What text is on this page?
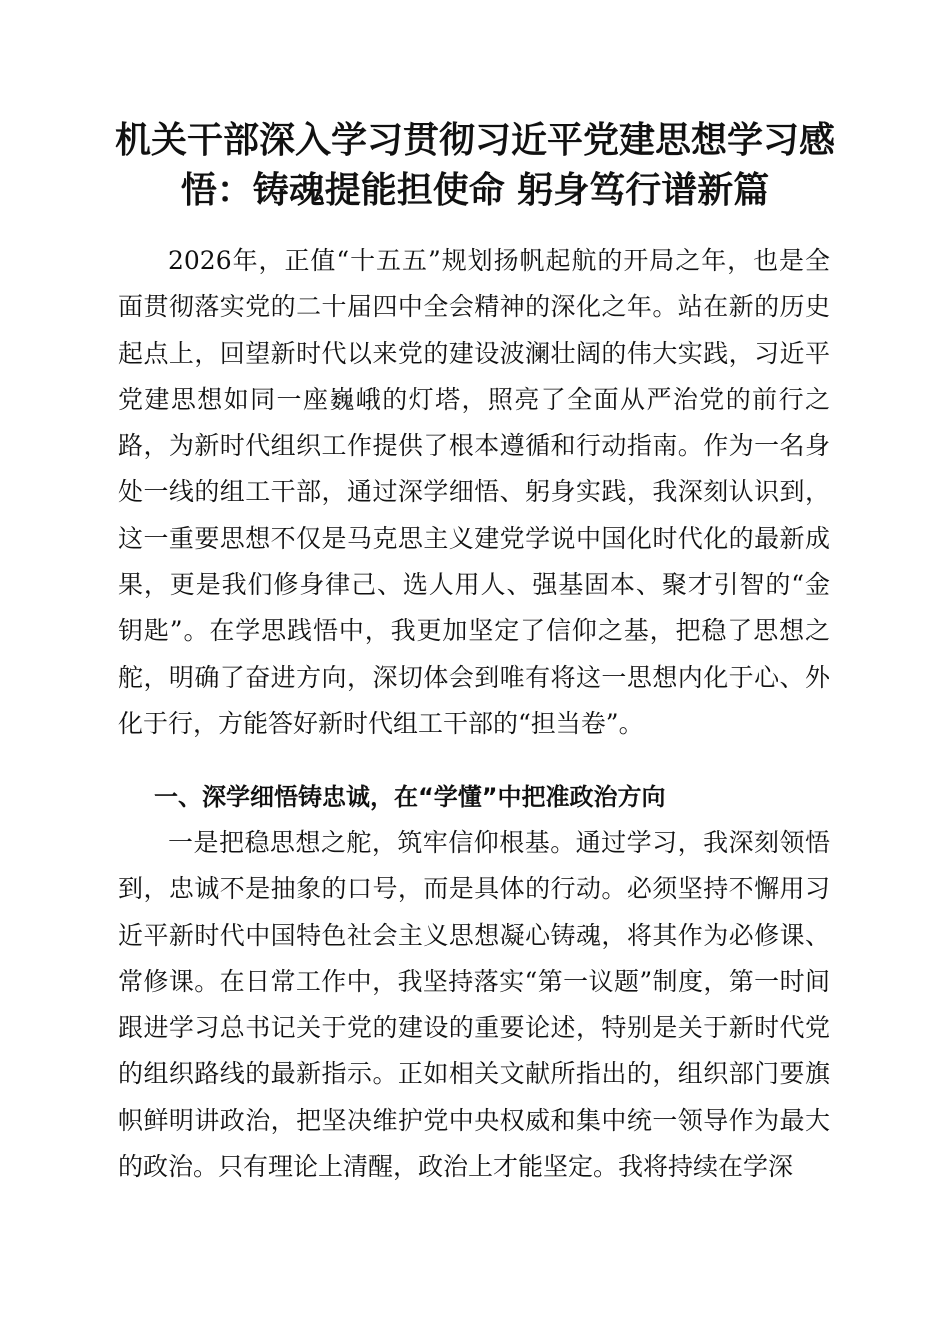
机关干部深入学习贯彻习近平党建思想学习感悟：铸魂提能担使命 躬身笃行谱新篇

2026年，正值“十五五”规划扬帆起航的开局之年，也是全面贯彻落实党的二十届四中全会精神的深化之年。站在新的历史起点上，回望新时代以来党的建设波澜壮阔的伟大实践，习近平党建思想如同一座巍峨的灯塔，照亮了全面从严治党的前行之路，为新时代组织工作提供了根本遵循和行动指南。作为一名身处一线的组工干部，通过深学细悟、躬身实践，我深刻认识到，这一重要思想不仅是马克思主义建党学说中国化时代化的最新成果，更是我们修身律己、选人用人、强基固本、聚才引智的“金钥匙”。在学思践悟中，我更加坚定了信仰之基，把稳了思想之舵，明确了奋进方向，深切体会到唯有将这一思想内化于心、外化于行，方能答好新时代组工干部的“担当卷”。

一、深学细悟铸忠诚，在“学懂”中把准政治方向

一是把稳思想之舵，筑牢信仰根基。通过学习，我深刻领悟到，忠诚不是抽象的口号，而是具体的行动。必须坚持不懈用习近平新时代中国特色社会主义思想凝心铸魂，将其作为必修课、常修课。在日常工作中，我坚持落实“第一议题”制度，第一时间跟进学习总书记关于党的建设的重要论述，特别是关于新时代党的组织路线的最新指示。正如相关文献所指出的，组织部门要旗帜鲜明讲政治，把坚决维护党中央权威和集中统一领导作为最大的政治。只有理论上清醒，政治上才能坚定。我将持续在学深
